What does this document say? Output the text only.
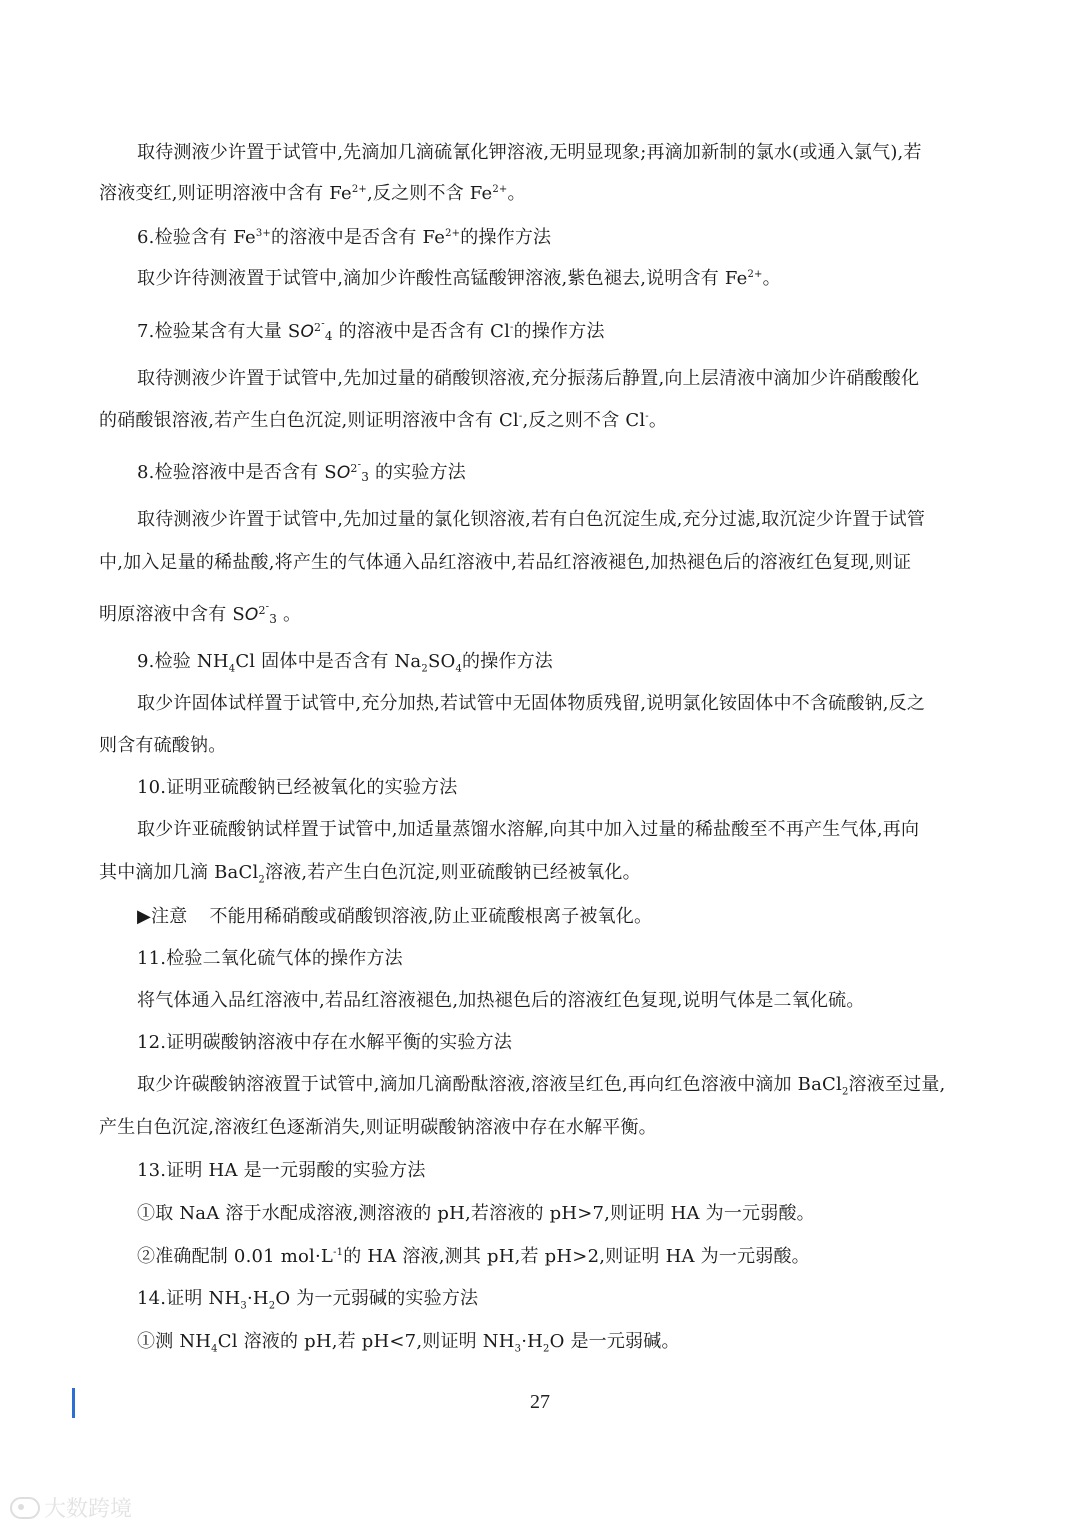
取待测液少许置于试管中,先滴加几滴硫氰化钾溶液,无明显现象;再滴加新制的氯水(或通入氯气),若
溶液变红,则证明溶液中含有 $Fe^{2+}$,反之则不含 $Fe^{2+}$。
6.检验含有 $Fe^{3+}$的溶液中是否含有 $Fe^{2+}$的操作方法
取少许待测液置于试管中,滴加少许酸性高锰酸钾溶液,紫色褪去,说明含有 $Fe^{2+}$。
7.检验某含有大量 SO2-4 的溶液中是否含有 Cl-的操作方法
取待测液少许置于试管中,先加过量的硝酸钡溶液,充分振荡后静置,向上层清液中滴加少许硝酸酸化
的硝酸银溶液,若产生白色沉淀,则证明溶液中含有 Cl-,反之则不含 Cl-。
8.检验溶液中是否含有 SO2-3 的实验方法
取待测液少许置于试管中,先加过量的氯化钡溶液,若有白色沉淀生成,充分过滤,取沉淀少许置于试管
中,加入足量的稀盐酸,将产生的气体通入品红溶液中,若品红溶液褪色,加热褪色后的溶液红色复现,则证
明原溶液中含有 SO2-3 。
9.检验 $NH_4Cl$ 固体中是否含有 $Na_2SO_4$的操作方法
取少许固体试样置于试管中,充分加热,若试管中无固体物质残留,说明氯化铵固体中不含硫酸钠,反之
则含有硫酸钠。
10.证明亚硫酸钠已经被氧化的实验方法
取少许亚硫酸钠试样置于试管中,加适量蒸馏水溶解,向其中加入过量的稀盐酸至不再产生气体,再向
其中滴加几滴 BaCl$_2$溶液,若产生白色沉淀,则亚硫酸钠已经被氧化。
▶注意 不能用稀硝酸或硝酸钡溶液,防止亚硫酸根离子被氧化。
11.检验二氧化硫气体的操作方法
将气体通入品红溶液中,若品红溶液褪色,加热褪色后的溶液红色复现,说明气体是二氧化硫。
12.证明碳酸钠溶液中存在水解平衡的实验方法
取少许碳酸钠溶液置于试管中,滴加几滴酚酞溶液,溶液呈红色,再向红色溶液中滴加 BaCl$_2$溶液至过量,
产生白色沉淀,溶液红色逐渐消失,则证明碳酸钠溶液中存在水解平衡。
13.证明 HA 是一元弱酸的实验方法
①取 NaA 溶于水配成溶液,测溶液的 pH,若溶液的 pH>7,则证明 HA 为一元弱酸。
②准确配制 0.01 $mol\cdot L^{-1}$的 HA 溶液,测其 pH,若 pH>2,则证明 HA 为一元弱酸。
14.证明 $NH_3\cdot H_2O$ 为一元弱碱的实验方法
①测 $NH_4Cl$ 溶液的 pH,若 pH<7,则证明 $NH_3\cdot H_2O$ 是一元弱碱。
27
大数跨境
